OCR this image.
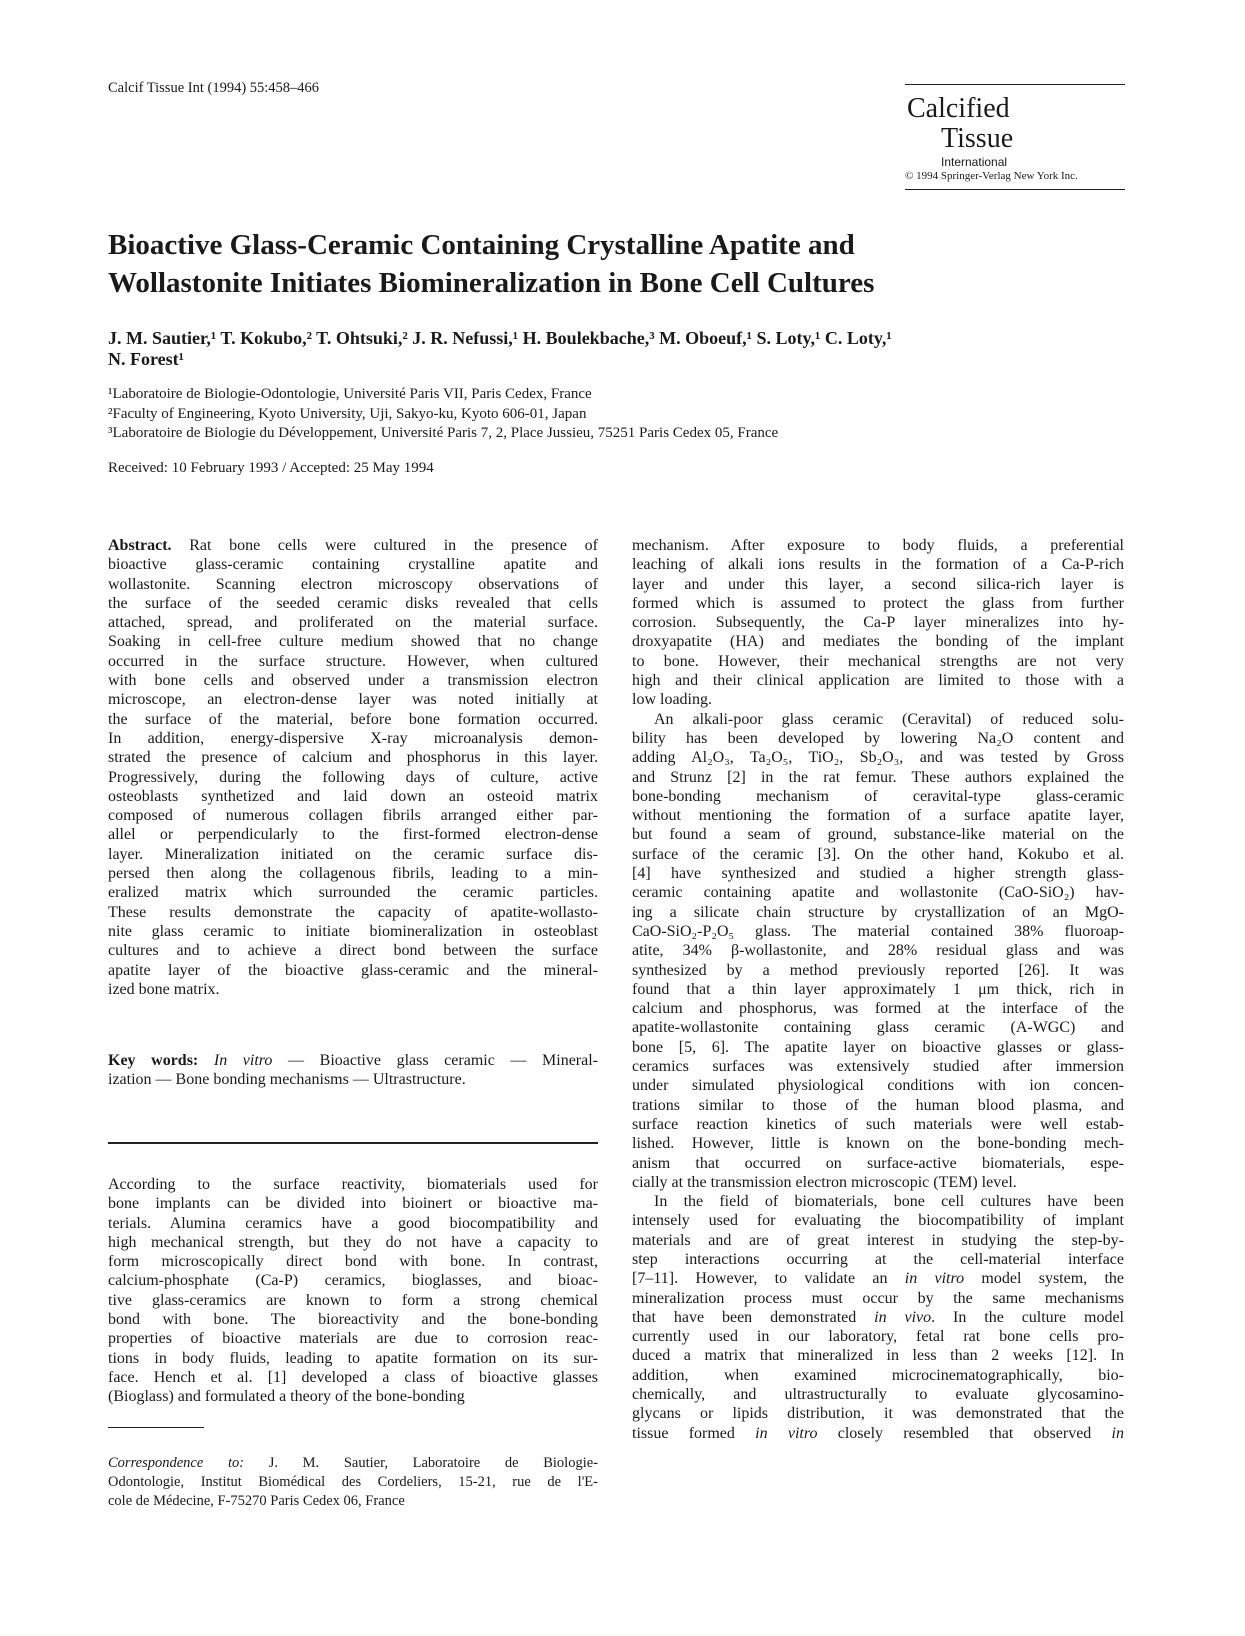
Calcif Tissue Int (1994) 55:458–466
Calcified
Tissue
International
© 1994 Springer-Verlag New York Inc.
Bioactive Glass-Ceramic Containing Crystalline Apatite and
Wollastonite Initiates Biomineralization in Bone Cell Cultures
J. M. Sautier,¹ T. Kokubo,² T. Ohtsuki,² J. R. Nefussi,¹ H. Boulekbache,³ M. Oboeuf,¹ S. Loty,¹ C. Loty,¹
N. Forest¹
¹Laboratoire de Biologie-Odontologie, Université Paris VII, Paris Cedex, France
²Faculty of Engineering, Kyoto University, Uji, Sakyo-ku, Kyoto 606-01, Japan
³Laboratoire de Biologie du Développement, Université Paris 7, 2, Place Jussieu, 75251 Paris Cedex 05, France
Received: 10 February 1993 / Accepted: 25 May 1994
Abstract. Rat bone cells were cultured in the presence of
bioactive glass-ceramic containing crystalline apatite and
wollastonite. Scanning electron microscopy observations of
the surface of the seeded ceramic disks revealed that cells
attached, spread, and proliferated on the material surface.
Soaking in cell-free culture medium showed that no change
occurred in the surface structure. However, when cultured
with bone cells and observed under a transmission electron
microscope, an electron-dense layer was noted initially at
the surface of the material, before bone formation occurred.
In addition, energy-dispersive X-ray microanalysis demon-
strated the presence of calcium and phosphorus in this layer.
Progressively, during the following days of culture, active
osteoblasts synthetized and laid down an osteoid matrix
composed of numerous collagen fibrils arranged either par-
allel or perpendicularly to the first-formed electron-dense
layer. Mineralization initiated on the ceramic surface dis-
persed then along the collagenous fibrils, leading to a min-
eralized matrix which surrounded the ceramic particles.
These results demonstrate the capacity of apatite-wollasto-
nite glass ceramic to initiate biomineralization in osteoblast
cultures and to achieve a direct bond between the surface
apatite layer of the bioactive glass-ceramic and the mineral-
ized bone matrix.
Key words: In vitro — Bioactive glass ceramic — Mineral-
ization — Bone bonding mechanisms — Ultrastructure.
According to the surface reactivity, biomaterials used for
bone implants can be divided into bioinert or bioactive ma-
terials. Alumina ceramics have a good biocompatibility and
high mechanical strength, but they do not have a capacity to
form microscopically direct bond with bone. In contrast,
calcium-phosphate (Ca-P) ceramics, bioglasses, and bioac-
tive glass-ceramics are known to form a strong chemical
bond with bone. The bioreactivity and the bone-bonding
properties of bioactive materials are due to corrosion reac-
tions in body fluids, leading to apatite formation on its sur-
face. Hench et al. [1] developed a class of bioactive glasses
(Bioglass) and formulated a theory of the bone-bonding
Correspondence to: J. M. Sautier, Laboratoire de Biologie-
Odontologie, Institut Biomédical des Cordeliers, 15-21, rue de l'E-
cole de Médecine, F-75270 Paris Cedex 06, France
mechanism. After exposure to body fluids, a preferential
leaching of alkali ions results in the formation of a Ca-P-rich
layer and under this layer, a second silica-rich layer is
formed which is assumed to protect the glass from further
corrosion. Subsequently, the Ca-P layer mineralizes into hy-
droxyapatite (HA) and mediates the bonding of the implant
to bone. However, their mechanical strengths are not very
high and their clinical application are limited to those with a
low loading.
An alkali-poor glass ceramic (Ceravital) of reduced solu-
bility has been developed by lowering Na₂O content and
adding Al₂O₃, Ta₂O₅, TiO₂, Sb₂O₃, and was tested by Gross
and Strunz [2] in the rat femur. These authors explained the
bone-bonding mechanism of ceravital-type glass-ceramic
without mentioning the formation of a surface apatite layer,
but found a seam of ground, substance-like material on the
surface of the ceramic [3]. On the other hand, Kokubo et al.
[4] have synthesized and studied a higher strength glass-
ceramic containing apatite and wollastonite (CaO-SiO₂) hav-
ing a silicate chain structure by crystallization of an MgO-
CaO-SiO₂-P₂O₅ glass. The material contained 38% fluoroap-
atite, 34% β-wollastonite, and 28% residual glass and was
synthesized by a method previously reported [26]. It was
found that a thin layer approximately 1 μm thick, rich in
calcium and phosphorus, was formed at the interface of the
apatite-wollastonite containing glass ceramic (A-WGC) and
bone [5, 6]. The apatite layer on bioactive glasses or glass-
ceramics surfaces was extensively studied after immersion
under simulated physiological conditions with ion concen-
trations similar to those of the human blood plasma, and
surface reaction kinetics of such materials were well estab-
lished. However, little is known on the bone-bonding mech-
anism that occurred on surface-active biomaterials, espe-
cially at the transmission electron microscopic (TEM) level.
In the field of biomaterials, bone cell cultures have been
intensely used for evaluating the biocompatibility of implant
materials and are of great interest in studying the step-by-
step interactions occurring at the cell-material interface
[7–11]. However, to validate an in vitro model system, the
mineralization process must occur by the same mechanisms
that have been demonstrated in vivo. In the culture model
currently used in our laboratory, fetal rat bone cells pro-
duced a matrix that mineralized in less than 2 weeks [12]. In
addition, when examined microcinematographically, bio-
chemically, and ultrastructurally to evaluate glycosamino-
glycans or lipids distribution, it was demonstrated that the
tissue formed in vitro closely resembled that observed in
